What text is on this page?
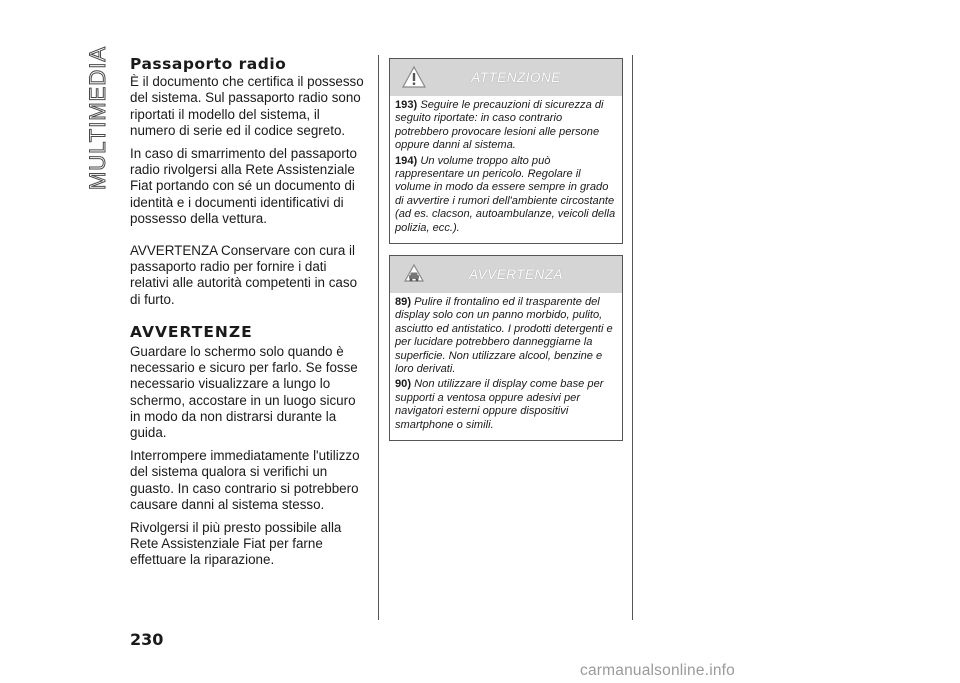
MULTIMEDIA Passaporto radio

È il documento che certifica il possesso del sistema. Sul passaporto radio sono riportati il modello del sistema, il numero di serie ed il codice segreto.

In caso di smarrimento del passaporto radio rivolgersi alla Rete Assistenziale Fiat portando con sé un documento di identità e i documenti identificativi di possesso della vettura.

AVVERTENZA Conservare con cura il passaporto radio per fornire i dati relativi alle autorità competenti in caso di furto.

AVVERTENZE

Guardare lo schermo solo quando è necessario e sicuro per farlo. Se fosse necessario visualizzare a lungo lo schermo, accostare in un luogo sicuro in modo da non distrarsi durante la guida.

Interrompere immediatamente l'utilizzo del sistema qualora si verifichi un guasto. In caso contrario si potrebbero causare danni al sistema stesso.

Rivolgersi il più presto possibile alla Rete Assistenziale Fiat per farne effettuare la riparazione.

ATTENZIONE

193) Seguire le precauzioni di sicurezza di seguito riportate: in caso contrario potrebbero provocare lesioni alle persone oppure danni al sistema.

194) Un volume troppo alto può rappresentare un pericolo. Regolare il volume in modo da essere sempre in grado di avvertire i rumori dell'ambiente circostante (ad es. clacson, autoambulanze, veicoli della polizia, ecc.).

AVVERTENZA

89) Pulire il frontalino ed il trasparente del display solo con un panno morbido, pulito, asciutto ed antistatico. I prodotti detergenti e per lucidare potrebbero danneggiarne la superficie. Non utilizzare alcool, benzine e loro derivati.

90) Non utilizzare il display come base per supporti a ventosa oppure adesivi per navigatori esterni oppure dispositivi smartphone o simili.

230
carmanualsonline.info
